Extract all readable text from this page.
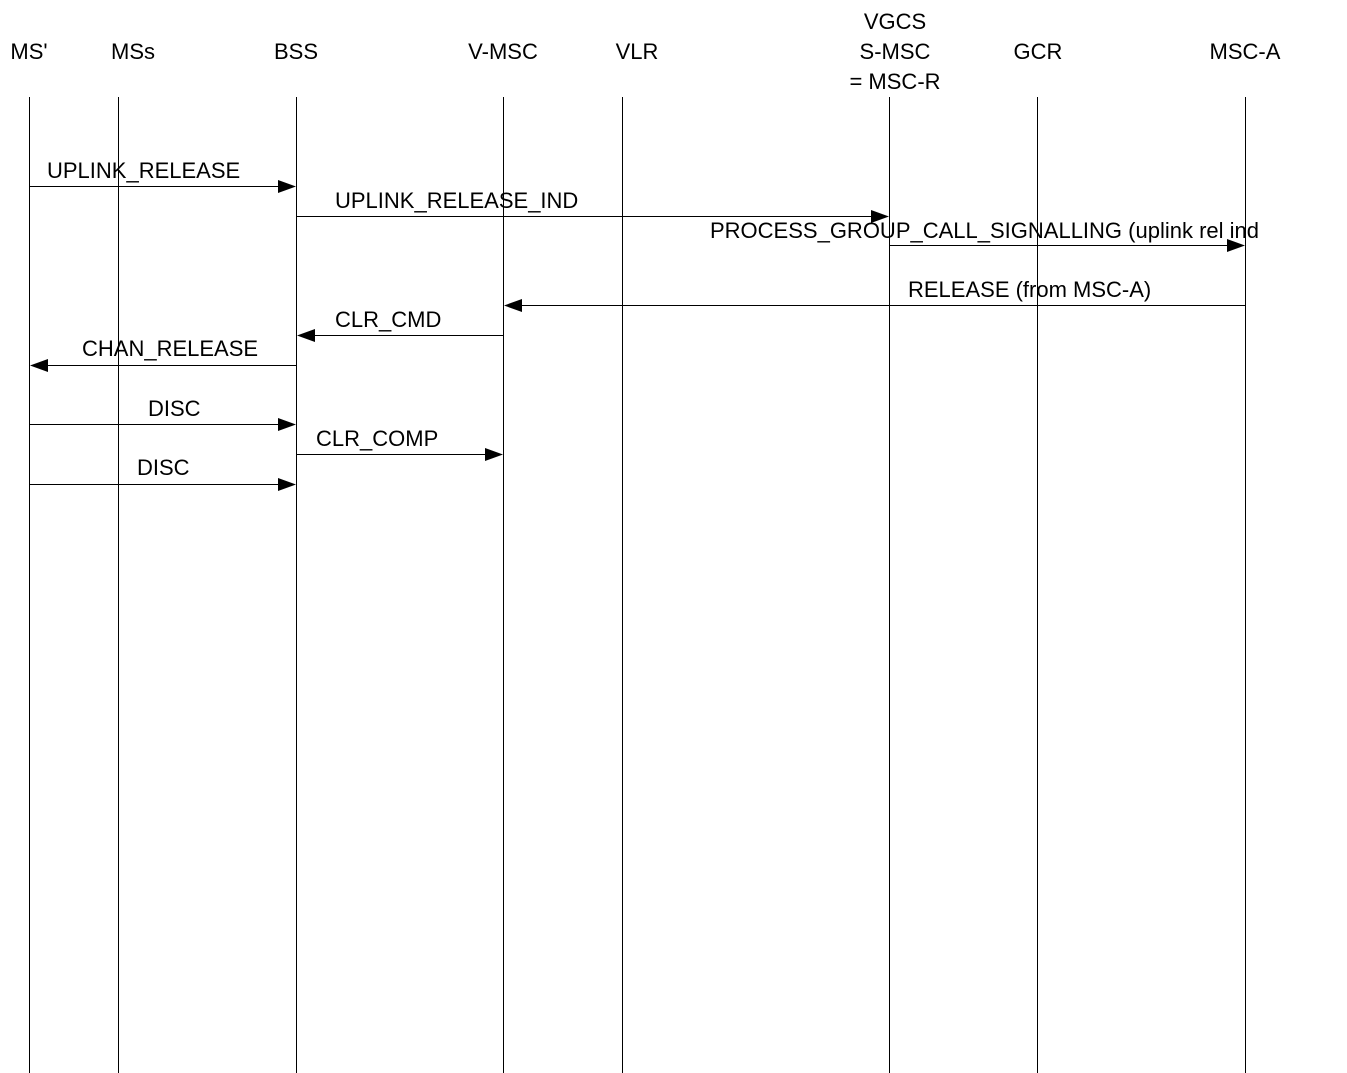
MS'	MSs	BSS	V-MSC	VLR
VGCS
S-MSC
= MSC-R
GCR	MSC-A
UPLINK_RELEASE
UPLINK_RELEASE_IND
PROCESS_GROUP_CALL_SIGNALLING (uplink rel ind
RELEASE (from MSC-A)
CLR_CMD
CHAN_RELEASE
DISC
CLR_COMP
DISC
